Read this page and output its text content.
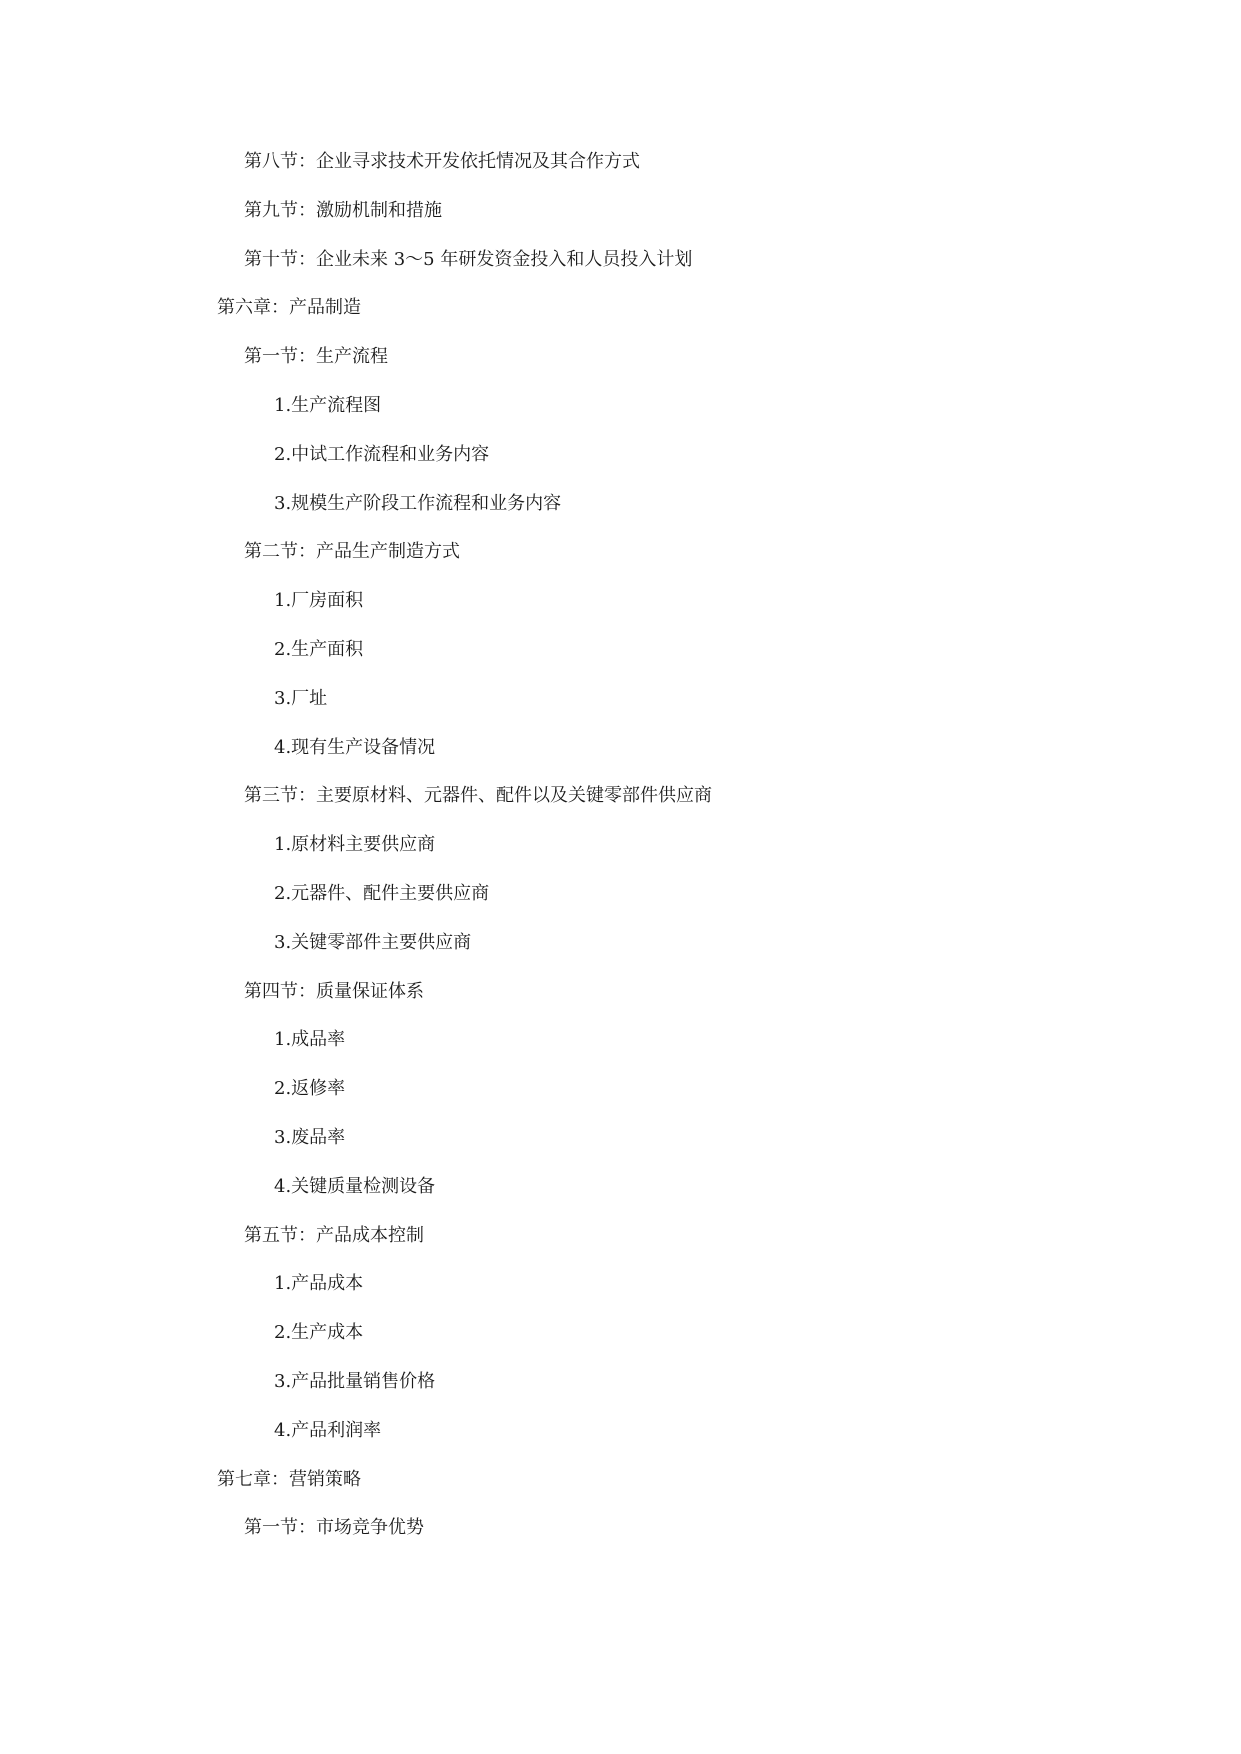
第八节：企业寻求技术开发依托情况及其合作方式
第九节：激励机制和措施
第十节：企业未来 3～5 年研发资金投入和人员投入计划
第六章：产品制造
第一节：生产流程
1.生产流程图
2.中试工作流程和业务内容
3.规模生产阶段工作流程和业务内容
第二节：产品生产制造方式
1.厂房面积
2.生产面积
3.厂址
4.现有生产设备情况
第三节：主要原材料、元器件、配件以及关键零部件供应商
1.原材料主要供应商
2.元器件、配件主要供应商
3.关键零部件主要供应商
第四节：质量保证体系
1.成品率
2.返修率
3.废品率
4.关键质量检测设备
第五节：产品成本控制
1.产品成本
2.生产成本
3.产品批量销售价格
4.产品利润率
第七章：营销策略
第一节：市场竞争优势
